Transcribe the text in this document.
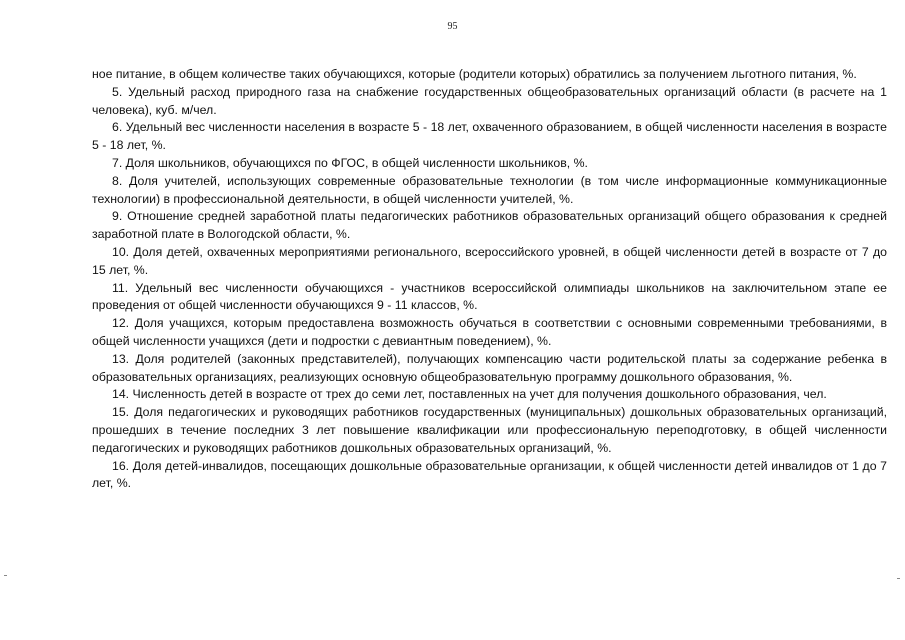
95

ное питание, в общем количестве таких обучающихся, которые (родители которых) обратились за получением льготного питания, %.

5. Удельный расход природного газа на снабжение государственных общеобразовательных организаций области (в расчете на 1 человека), куб. м/чел.

6. Удельный вес численности населения в возрасте 5 - 18 лет, охваченного образованием, в общей численности населения в возрасте 5 - 18 лет, %.

7. Доля школьников, обучающихся по ФГОС, в общей численности школьников, %.

8. Доля учителей, использующих современные образовательные технологии (в том числе информационные коммуникационные технологии) в профессиональной деятельности, в общей численности учителей, %.

9. Отношение средней заработной платы педагогических работников образовательных организаций общего образования к средней заработной плате в Вологодской области, %.

10. Доля детей, охваченных мероприятиями регионального, всероссийского уровней, в общей численности детей в возрасте от 7 до 15 лет, %.

11. Удельный вес численности обучающихся - участников всероссийской олимпиады школьников на заключительном этапе ее проведения от общей численности обучающихся 9 - 11 классов, %.

12. Доля учащихся, которым предоставлена возможность обучаться в соответствии с основными современными требованиями, в общей численности учащихся (дети и подростки с девиантным поведением), %.

13. Доля родителей (законных представителей), получающих компенсацию части родительской платы за содержание ребенка в образовательных организациях, реализующих основную общеобразовательную программу дошкольного образования, %.

14. Численность детей в возрасте от трех до семи лет, поставленных на учет для получения дошкольного образования, чел.

15. Доля педагогических и руководящих работников государственных (муниципальных) дошкольных образовательных организаций, прошедших в течение последних 3 лет повышение квалификации или профессиональную переподготовку, в общей численности педагогических и руководящих работников дошкольных образовательных организаций, %.

16. Доля детей-инвалидов, посещающих дошкольные образовательные организации, к общей численности детей инвалидов от 1 до 7 лет, %.
